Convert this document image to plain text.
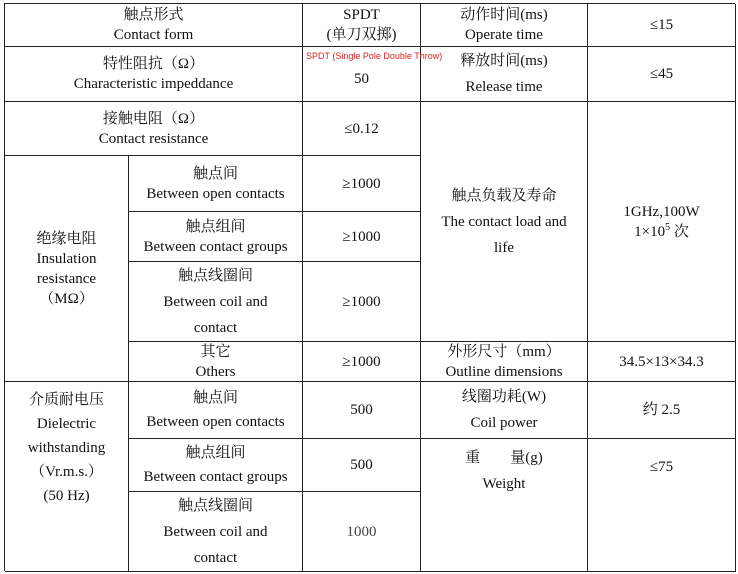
触点形式
Contact form
SPDT
(单刀双掷)
特性阻抗（Ω）
Characteristic impeddance	50
接触电阻（Ω）
Contact resistance
≤0.12
绝缘电阻
Insulation
resistance
（MΩ）
触点间
Between open contacts
≥1000
触点组间
Between contact groups
≥1000
触点线圈间
Between coil and
contact
≥1000
其它
Others
≥1000
介质耐电压
Dielectric
withstanding
（Vr.m.s.）
(50 Hz)
触点间
Between open contacts
500
触点组间
Between contact groups
500
触点线圈间
Between coil and
contact
1000
动作时间(ms)
Operate time
≤15
释放时间(ms)
Release time
≤45
触点负载及寿命
The contact load and
life
1GHz,100W
$1\times 10^5$ 次
外形尺寸（mm）
Outline dimensions
34.5×13×34.3
线圈功耗(W)
Coil power
约 2.5
重　　量(g)
Weight
≤75
SPDT (Single Pole Double Throw)
